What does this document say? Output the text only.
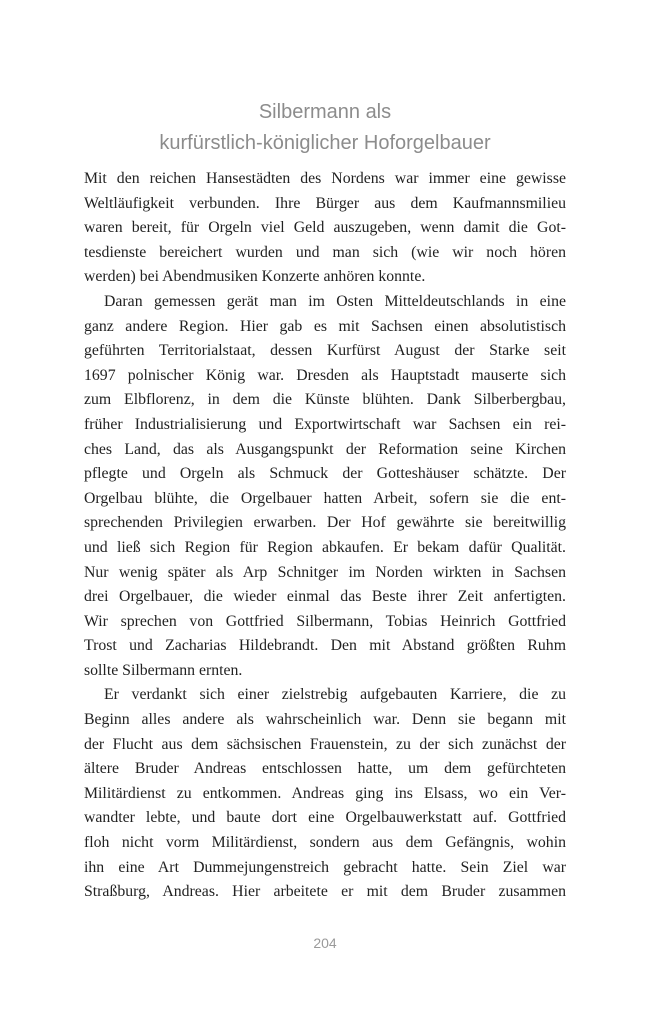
Silbermann als
kurfürstlich-königlicher Hoforgelbauer
Mit den reichen Hansestädten des Nordens war immer eine gewisse
Weltläufigkeit verbunden. Ihre Bürger aus dem Kaufmannsmilieu
waren bereit, für Orgeln viel Geld auszugeben, wenn damit die Got-
tesdienste bereichert wurden und man sich (wie wir noch hören
werden) bei Abendmusiken Konzerte anhören konnte.
Daran gemessen gerät man im Osten Mitteldeutschlands in eine
ganz andere Region. Hier gab es mit Sachsen einen absolutistisch
geführten Territorialstaat, dessen Kurfürst August der Starke seit
1697 polnischer König war. Dresden als Hauptstadt mauserte sich
zum Elbflorenz, in dem die Künste blühten. Dank Silberbergbau,
früher Industrialisierung und Exportwirtschaft war Sachsen ein rei-
ches Land, das als Ausgangspunkt der Reformation seine Kirchen
pflegte und Orgeln als Schmuck der Gotteshäuser schätzte. Der
Orgelbau blühte, die Orgelbauer hatten Arbeit, sofern sie die ent-
sprechenden Privilegien erwarben. Der Hof gewährte sie bereitwillig
und ließ sich Region für Region abkaufen. Er bekam dafür Qualität.
Nur wenig später als Arp Schnitger im Norden wirkten in Sachsen
drei Orgelbauer, die wieder einmal das Beste ihrer Zeit anfertigten.
Wir sprechen von Gottfried Silbermann, Tobias Heinrich Gottfried
Trost und Zacharias Hildebrandt. Den mit Abstand größten Ruhm
sollte Silbermann ernten.
Er verdankt sich einer zielstrebig aufgebauten Karriere, die zu
Beginn alles andere als wahrscheinlich war. Denn sie begann mit
der Flucht aus dem sächsischen Frauenstein, zu der sich zunächst der
ältere Bruder Andreas entschlossen hatte, um dem gefürchteten
Militärdienst zu entkommen. Andreas ging ins Elsass, wo ein Ver-
wandter lebte, und baute dort eine Orgelbauwerkstatt auf. Gottfried
floh nicht vorm Militärdienst, sondern aus dem Gefängnis, wohin
ihn eine Art Dummejungenstreich gebracht hatte. Sein Ziel war
Straßburg, Andreas. Hier arbeitete er mit dem Bruder zusammen
204
